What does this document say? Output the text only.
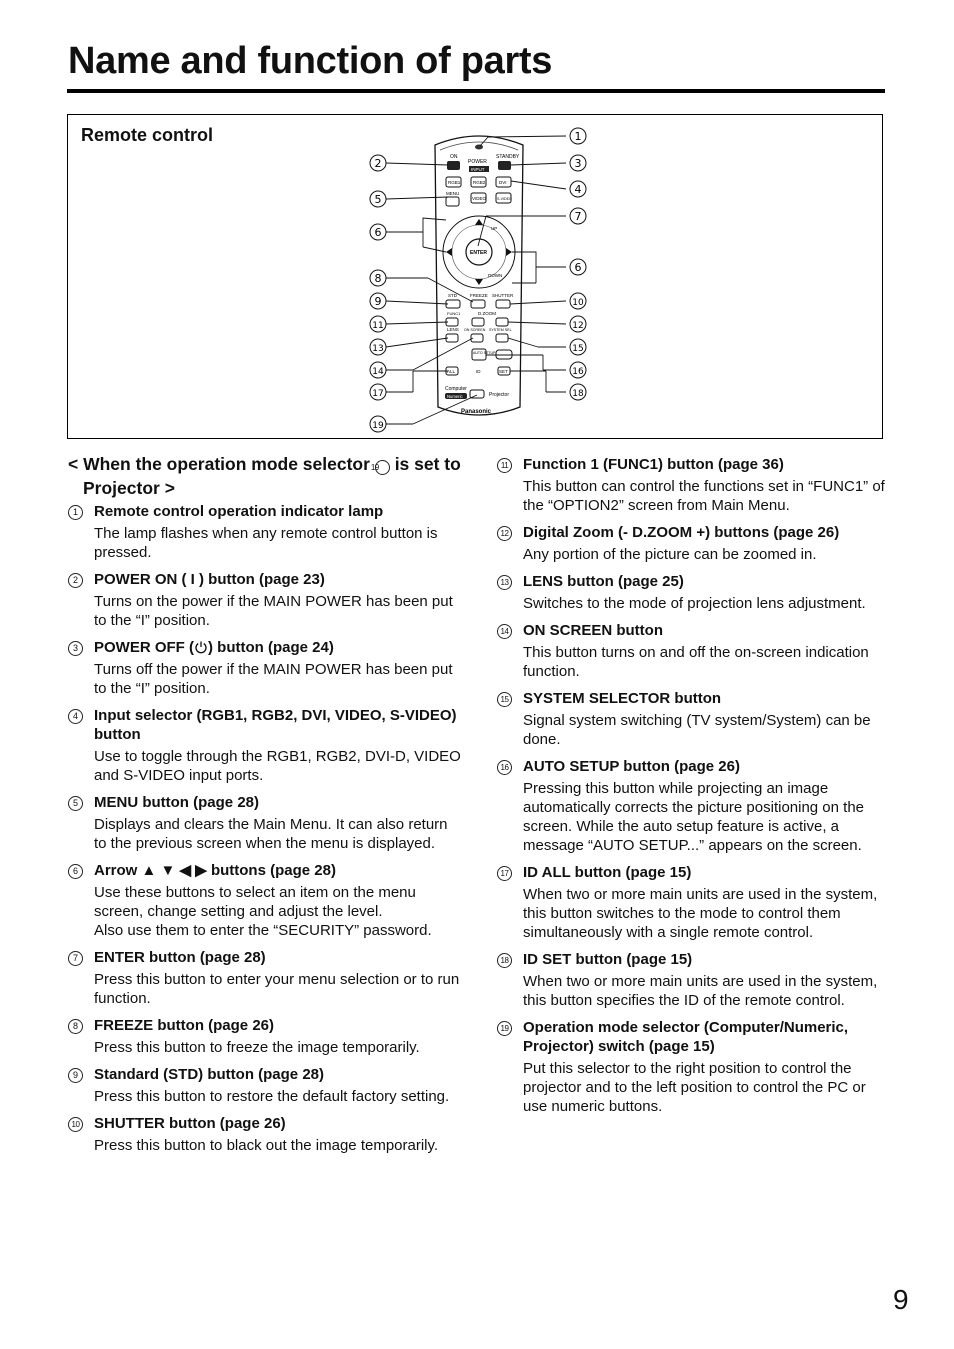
Name and function of parts
Remote control
ON
POWER
STANDBY
INPUT
RGB1	RGB2	DVI
MENU
VIDEO	S-VIDEO
UP
DOWN
ENTER
STD	FREEZE SHUTTER
FUNC1	D.ZOOM
LENS ON SCREEN SYSTEM SEL
AUTO SETUP
ALL	ID	SET
Computer
Numeric	Projector
Panasonic
1
2	3
4
5
6
7
8
9	10
11	12
13
14
15
16
17	18
19
6
< When the operation mode selector 19 is set to Projector >
1	Remote control operation indicator lamp
The lamp flashes when any remote control button is pressed.
2	POWER ON ( I ) button (page 23)
Turns on the power if the MAIN POWER has been put to the “I” position.
3	POWER OFF ( ) button (page 24)
Turns off the power if the MAIN POWER has been put to the “I” position.
4	Input selector (RGB1, RGB2, DVI, VIDEO, S-VIDEO) button
Use to toggle through the RGB1, RGB2, DVI-D, VIDEO and S-VIDEO input ports.
5	MENU button (page 28)
Displays and clears the Main Menu. It can also return to the previous screen when the menu is displayed.
6	Arrow ▲ ▼ ◀ ▶ buttons (page 28)
Use these buttons to select an item on the menu screen, change setting and adjust the level.
Also use them to enter the “SECURITY” password.
7	ENTER button (page 28)
Press this button to enter your menu selection or to run function.
8	FREEZE button (page 26)
Press this button to freeze the image temporarily.
9	Standard (STD) button (page 28)
Press this button to restore the default factory setting.
10 SHUTTER button (page 26)
Press this button to black out the image temporarily.
11 Function 1 (FUNC1) button (page 36)
This button can control the functions set in “FUNC1” of the “OPTION2” screen from Main Menu.
12 Digital Zoom (- D.ZOOM +) buttons (page 26)
Any portion of the picture can be zoomed in.
13 LENS button (page 25)
Switches to the mode of projection lens adjustment.
14 ON SCREEN button
This button turns on and off the on-screen indication function.
15 SYSTEM SELECTOR button
Signal system switching (TV system/System) can be done.
16 AUTO SETUP button (page 26)
Pressing this button while projecting an image automatically corrects the picture positioning on the screen. While the auto setup feature is active, a message “AUTO SETUP...” appears on the screen.
17 ID ALL button (page 15)
When two or more main units are used in the system, this button switches to the mode to control them simultaneously with a single remote control.
18 ID SET button (page 15)
When two or more main units are used in the system, this button specifies the ID of the remote control.
19 Operation mode selector (Computer/Numeric, Projector) switch (page 15)
Put this selector to the right position to control the projector and to the left position to control the PC or use numeric buttons.
9
